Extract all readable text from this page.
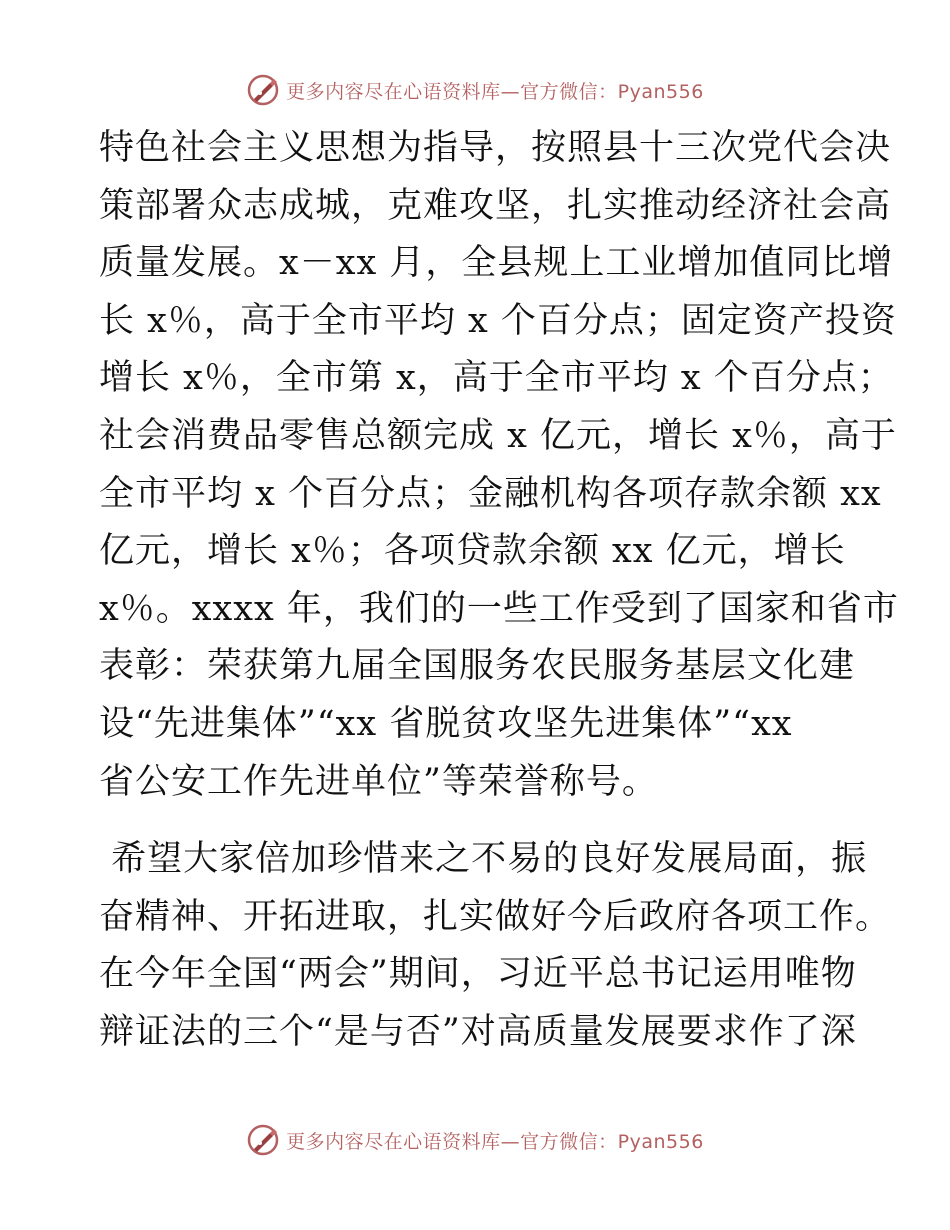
更多内容尽在心语资料库—官方微信：Pyan556
特色社会主义思想为指导，按照县十三次党代会决
策部署众志成城，克难攻坚，扎实推动经济社会高
质量发展。x－xx 月，全县规上工业增加值同比增
长 x％，高于全市平均 x 个百分点；固定资产投资
增长 x％，全市第 x，高于全市平均 x 个百分点；
社会消费品零售总额完成 x 亿元，增长 x％，高于
全市平均 x 个百分点；金融机构各项存款余额 xx
亿元，增长 x％；各项贷款余额 xx 亿元，增长
x％。xxxx 年，我们的一些工作受到了国家和省市
表彰：荣获第九届全国服务农民服务基层文化建
设“先进集体”“xx 省脱贫攻坚先进集体”“xx
省公安工作先进单位”等荣誉称号。
希望大家倍加珍惜来之不易的良好发展局面，振
奋精神、开拓进取，扎实做好今后政府各项工作。
在今年全国“两会”期间，习近平总书记运用唯物
辩证法的三个“是与否”对高质量发展要求作了深
更多内容尽在心语资料库—官方微信：Pyan556
